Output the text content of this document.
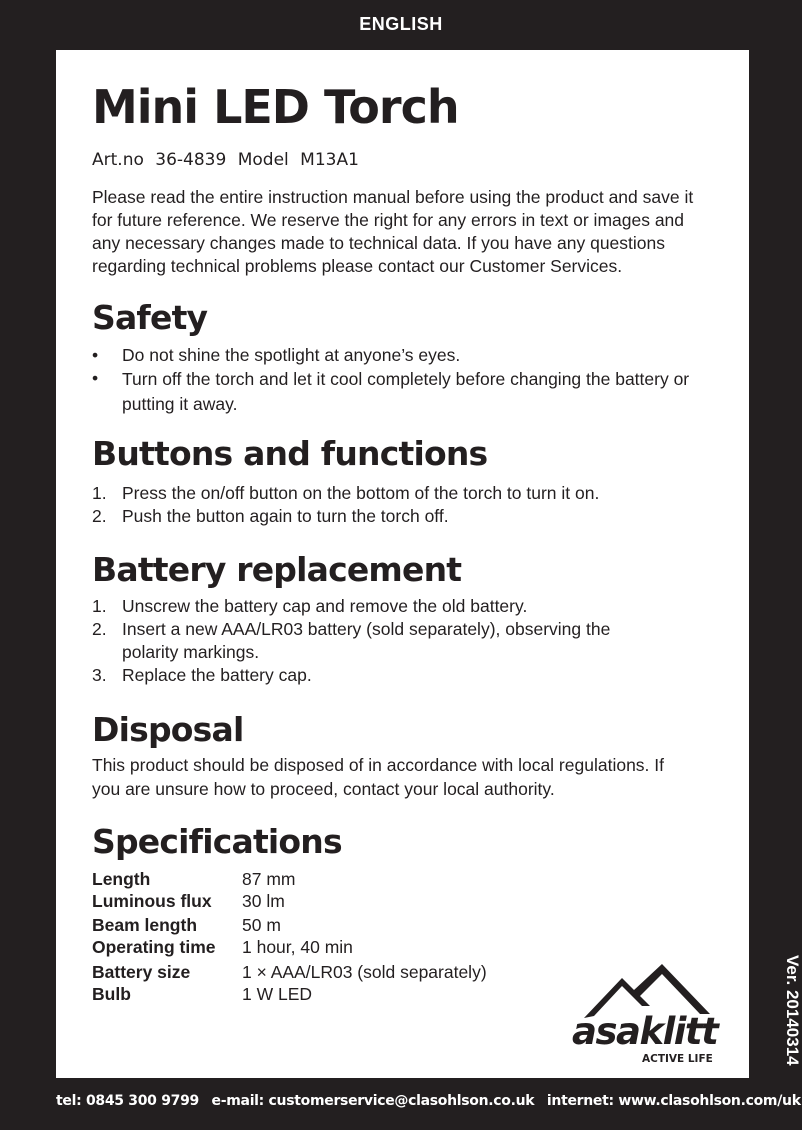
ENGLISH
Mini LED Torch
Art.no 36-4839 Model M13A1

Please read the entire instruction manual before using the product and save it for future reference. We reserve the right for any errors in text or images and any necessary changes made to technical data. If you have any questions regarding technical problems please contact our Customer Services.

Safety
• Do not shine the spotlight at anyone’s eyes.
• Turn off the torch and let it cool completely before changing the battery or putting it away.
Buttons and functions
1. Press the on/off button on the bottom of the torch to turn it on.
2. Push the button again to turn the torch off.
Battery replacement
1. Unscrew the battery cap and remove the old battery.
2. Insert a new AAA/LR03 battery (sold separately), observing the polarity markings.
3. Replace the battery cap.
Disposal

This product should be disposed of in accordance with local regulations. If you are unsure how to proceed, contact your local authority.

Specifications
Length	87 mm
Luminous flux	30 lm
Beam length	50 m
Operating time	1 hour, 40 min
Battery size	1 × AAA/LR03 (sold separately)
Bulb	1 W LED
asaklitt
ACTIVE LIFE	Ver. 20140314
tel: 0845 300 9799 e-mail: customerservice@clasohlson.co.uk internet: www.clasohlson.com/uk
